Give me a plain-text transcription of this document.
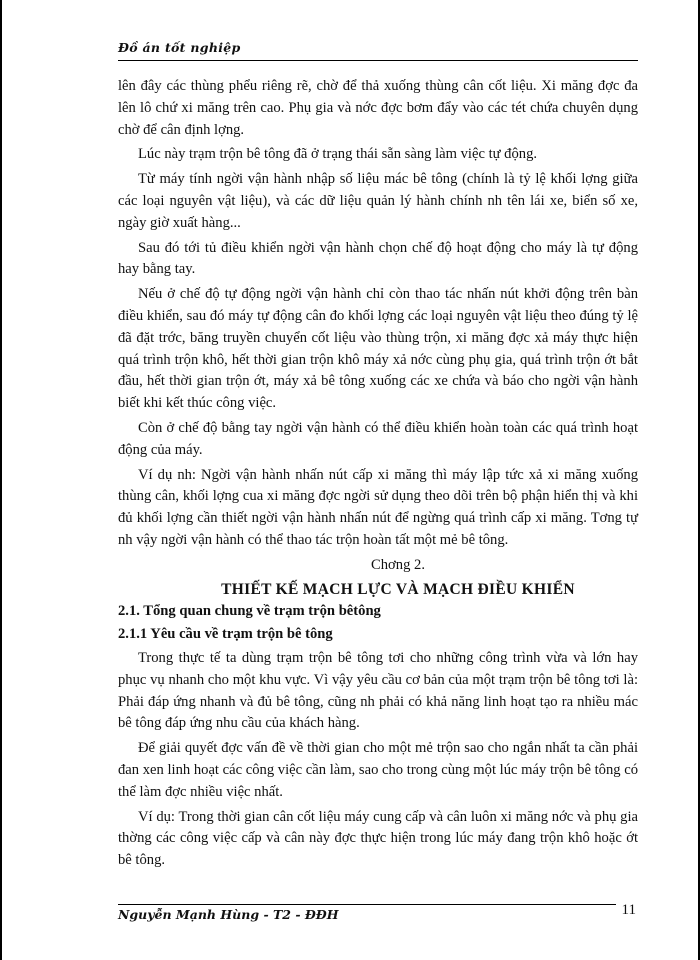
Đồ án tốt nghiệp

lên đây các thùng phểu riêng rẽ, chờ để thả xuống thùng cân cốt liệu. Xi măng đợc đa lên lô chứ xi măng trên cao. Phụ gia và nớc đợc bơm đẩy vào các tét chứa chuyên dụng chờ để cân định lợng.

Lúc này trạm trộn bê tông đã ở trạng thái sẵn sàng làm việc tự động.

Từ máy tính ngời vận hành nhập số liệu mác bê tông (chính là tỷ lệ khối lợng giữa các loại nguyên vật liệu), và các dữ liệu quản lý hành chính nh tên lái xe, biển số xe, ngày giờ xuất hàng...

Sau đó tới tủ điều khiển ngời vận hành chọn chế độ hoạt động cho máy là tự động hay bằng tay.

Nếu ở chế độ tự động ngời vận hành chỉ còn thao tác nhấn nút khởi động trên bàn điều khiển, sau đó máy tự động cân đo khối lợng các loại nguyên vật liệu theo đúng tỷ lệ đã đặt trớc, băng truyền chuyển cốt liệu vào thùng trộn, xi măng đợc xả máy thực hiện quá trình trộn khô, hết thời gian trộn khô máy xả nớc cùng phụ gia, quá trình trộn ớt bắt đầu, hết thời gian trộn ớt, máy xả bê tông xuống các xe chứa và báo cho ngời vận hành biết khi kết thúc công việc.

Còn ở chế độ bằng tay ngời vận hành có thể điều khiển hoàn toàn các quá trình hoạt động của máy.

Ví dụ nh: Ngời vận hành nhấn nút cấp xi măng thì máy lập tức xả xi măng xuống thùng cân, khối lợng cua xi măng đợc ngời sử dụng theo dõi trên bộ phận hiển thị và khi đủ khối lợng cần thiết ngời vận hành nhấn nút để ngừng quá trình cấp xi măng. Tơng tự nh vậy ngời vận hành có thể thao tác trộn hoàn tất một mẻ bê tông.

Chơng 2.
THIẾT KẾ MẠCH LỰC VÀ MẠCH ĐIỀU KHIỂN
2.1. Tổng quan chung về trạm trộn bêtông
2.1.1 Yêu cầu về trạm trộn bê tông

Trong thực tế ta dùng trạm trộn bê tông tơi cho những công trình vừa và lớn hay phục vụ nhanh cho một khu vực. Vì vậy yêu cầu cơ bản của một trạm trộn bê tông tơi là: Phải đáp ứng nhanh và đủ bê tông, cũng nh phải có khả năng linh hoạt tạo ra nhiều mác bê tông đáp ứng nhu cầu của khách hàng.

Để giải quyết đợc vấn đề về thời gian cho một mẻ trộn sao cho ngắn nhất ta cần phải đan xen linh hoạt các công việc cần làm, sao cho trong cùng một lúc máy trộn bê tông có thể làm đợc nhiều việc nhất.

Ví dụ: Trong thời gian cân cốt liệu máy cung cấp và cân luôn xi măng nớc và phụ gia thờng các công việc cấp và cân này đợc thực hiện trong lúc máy đang trộn khô hoặc ớt bê tông.

Nguyễn Mạnh Hùng - T2 - ĐĐH	11
